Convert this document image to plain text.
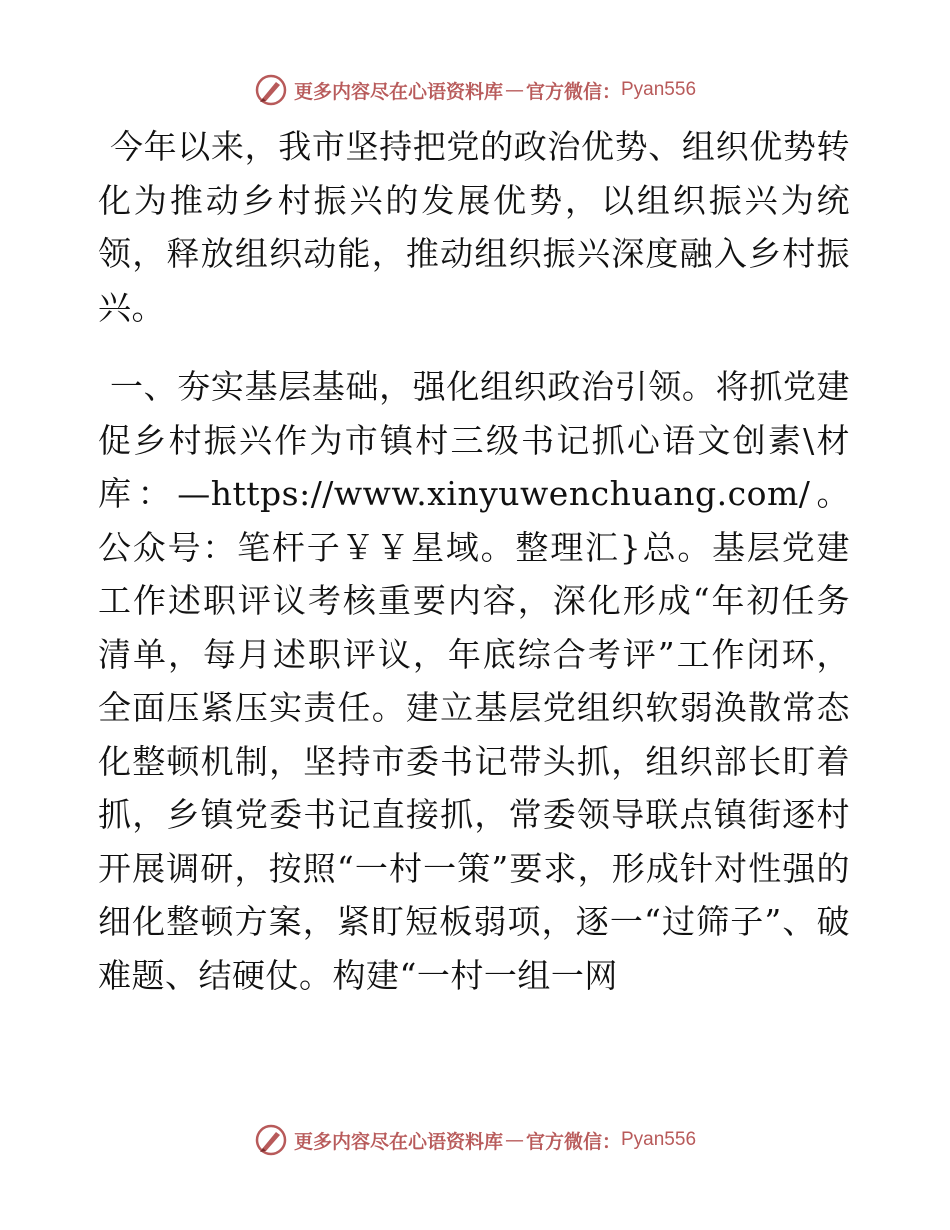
更多内容尽在心语资料库 — 官方微信： Pyan556

今年以来，我市坚持把党的政治优势、组织优势转化为推动乡村振兴的发展优势，以组织振兴为统领，释放组织动能，推动组织振兴深度融入乡村振兴。

一、夯实基层基础，强化组织政治引领。将抓党建促乡村振兴作为市镇村三级书记抓心语文创素\材库：—https://www.xinyuwenchuang.com/。公众号：笔杆子￥￥星域。整理汇}总。基层党建工作述职评议考核重要内容，深化形成“年初任务清单，每月述职评议，年底综合考评”工作闭环，全面压紧压实责任。建立基层党组织软弱涣散常态化整顿机制，坚持市委书记带头抓，组织部长盯着抓，乡镇党委书记直接抓，常委领导联点镇街逐村开展调研，按照“一村一策”要求，形成针对性强的细化整顿方案，紧盯短板弱项，逐一“过筛子”、破难题、结硬仗。构建“一村一组一网

更多内容尽在心语资料库 — 官方微信： Pyan556
